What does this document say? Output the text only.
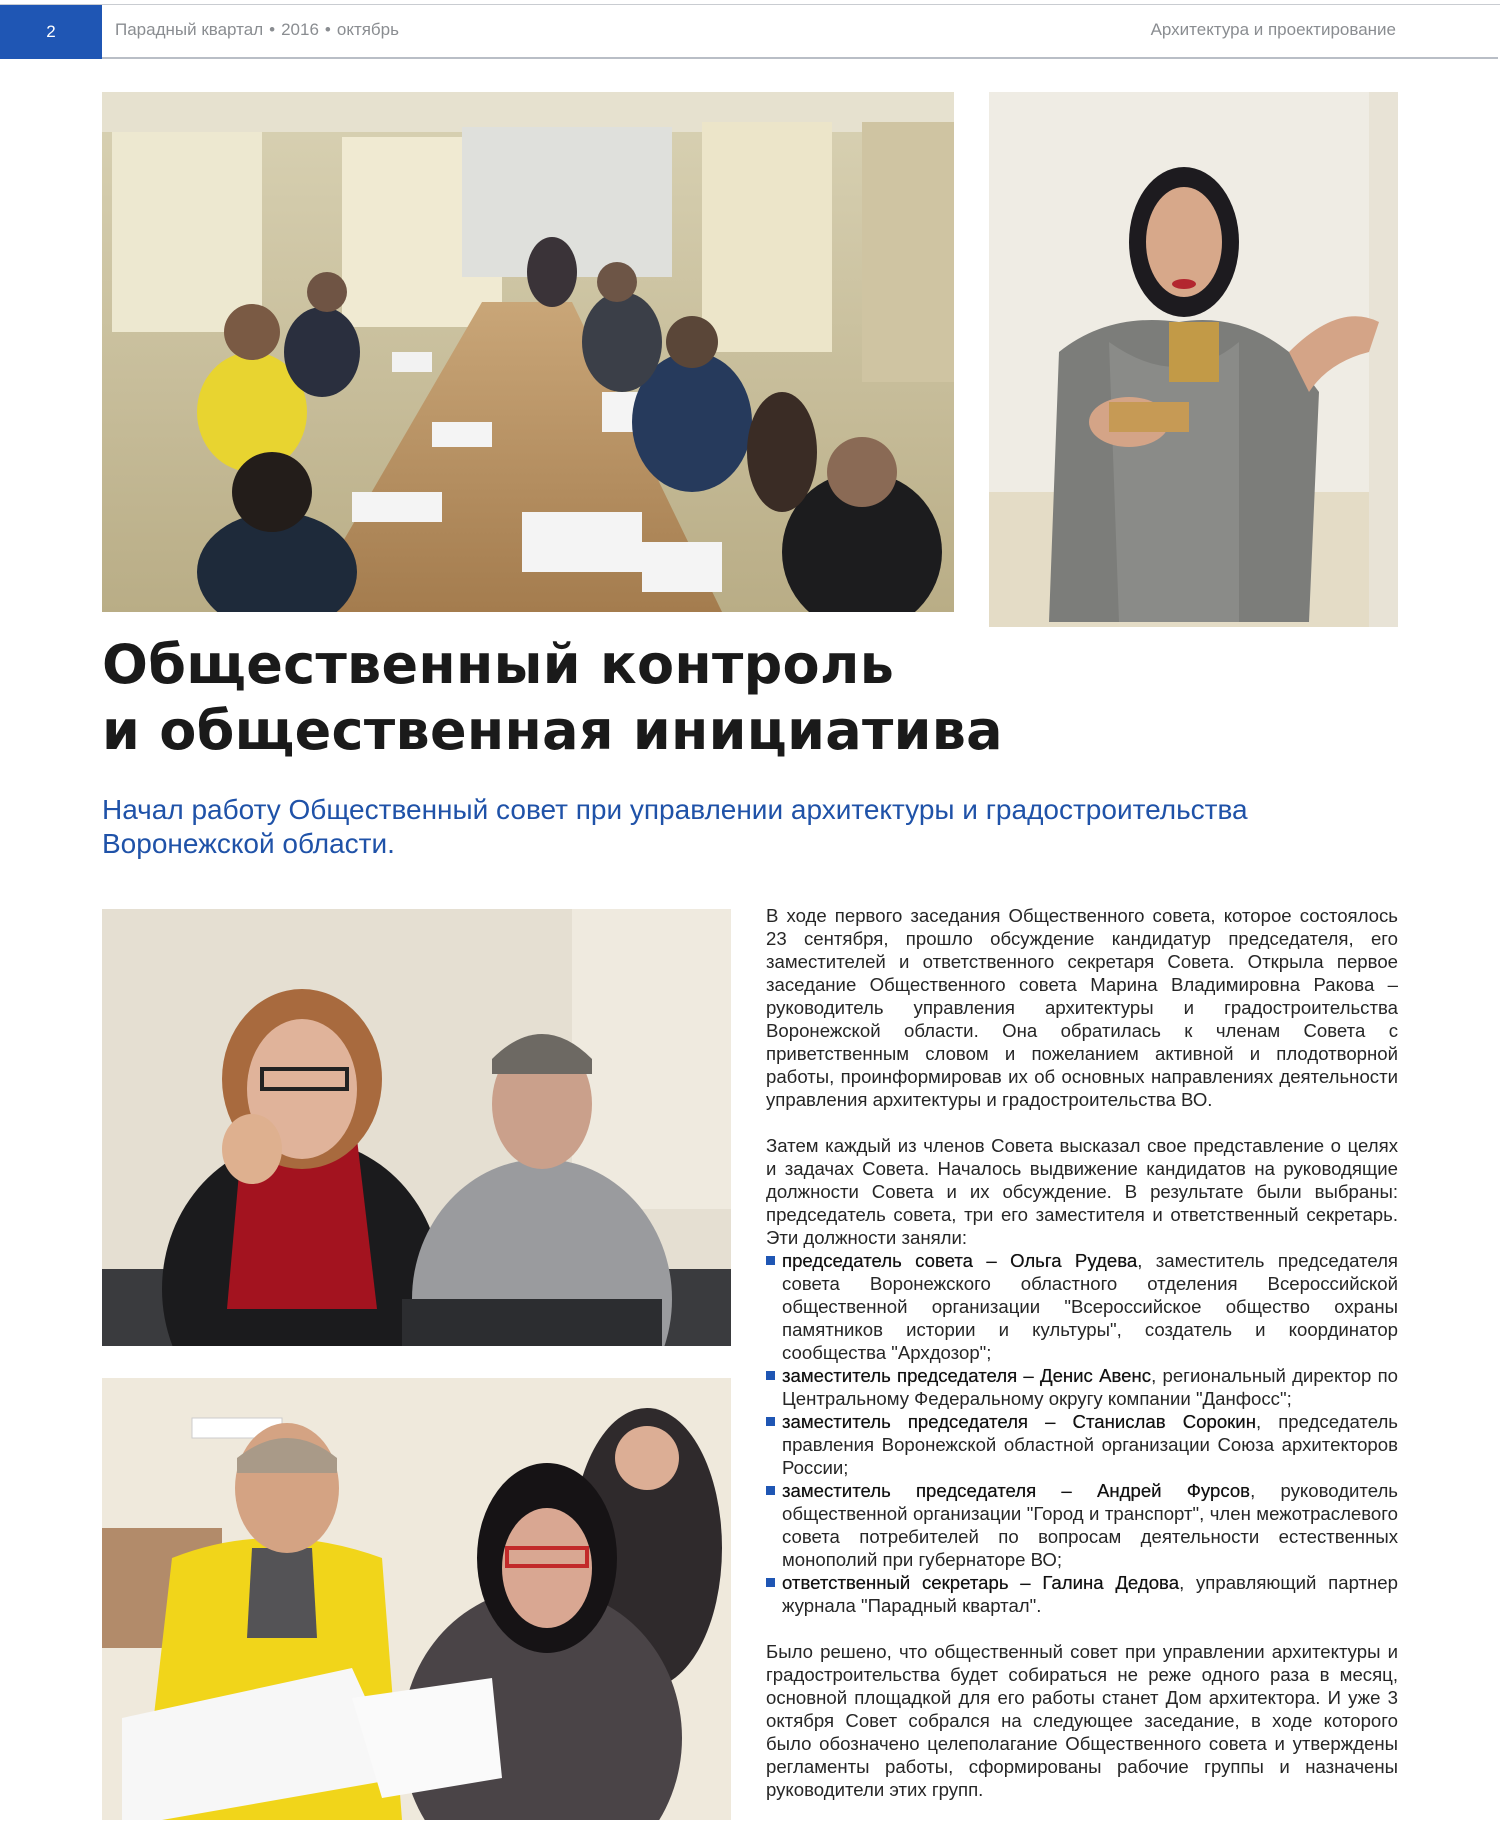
2	Парадный квартал • 2016 • октябрь	Архитектура и проектирование
Общественный контроль
и общественная инициатива

Начал работу Общественный совет при управлении архитектуры и градостроительства
Воронежской области.

В ходе первого заседания Общественного совета, которое состоялось 23 сентября, прошло обсуждение кандидатур председателя, его заместителей и ответственного секретаря Совета. Открыла первое заседание Общественного совета Марина Владимировна Ракова – руководитель управления архитектуры и градостроительства Воронежской области. Она обратилась к членам Совета с приветственным словом и пожеланием активной и плодотворной работы, проинформировав их об основных направлениях деятельности управления архитектуры и градостроительства ВО.

Затем каждый из членов Совета высказал свое представление о целях и задачах Совета. Началось выдвижение кандидатов на руководящие должности Совета и их обсуждение. В результате были выбраны: председатель совета, три его заместителя и ответственный секретарь. Эти должности заняли:

председатель совета – Ольга Рудева, заместитель председателя совета Воронежского областного отделения Всероссийской общественной организации "Всероссийское общество охраны памятников истории и культуры", создатель и координатор сообщества "Архдозор";
заместитель председателя – Денис Авенс, региональный директор по Центральному Федеральному округу компании "Данфосс";
заместитель председателя – Станислав Сорокин, председатель правления Воронежской областной организации Союза архитекторов России;
заместитель председателя – Андрей Фурсов, руководитель общественной организации "Город и транспорт", член межотраслевого совета потребителей по вопросам деятельности естественных монополий при губернаторе ВО;
ответственный секретарь – Галина Дедова, управляющий партнер журнала "Парадный квартал".

Было решено, что общественный совет при управлении архитектуры и градостроительства будет собираться не реже одного раза в месяц, основной площадкой для его работы станет Дом архитектора. И уже 3 октября Совет собрался на следующее заседание, в ходе которого было обозначено целеполагание Общественного совета и утверждены регламенты работы, сформированы рабочие группы и назначены руководители этих групп.
